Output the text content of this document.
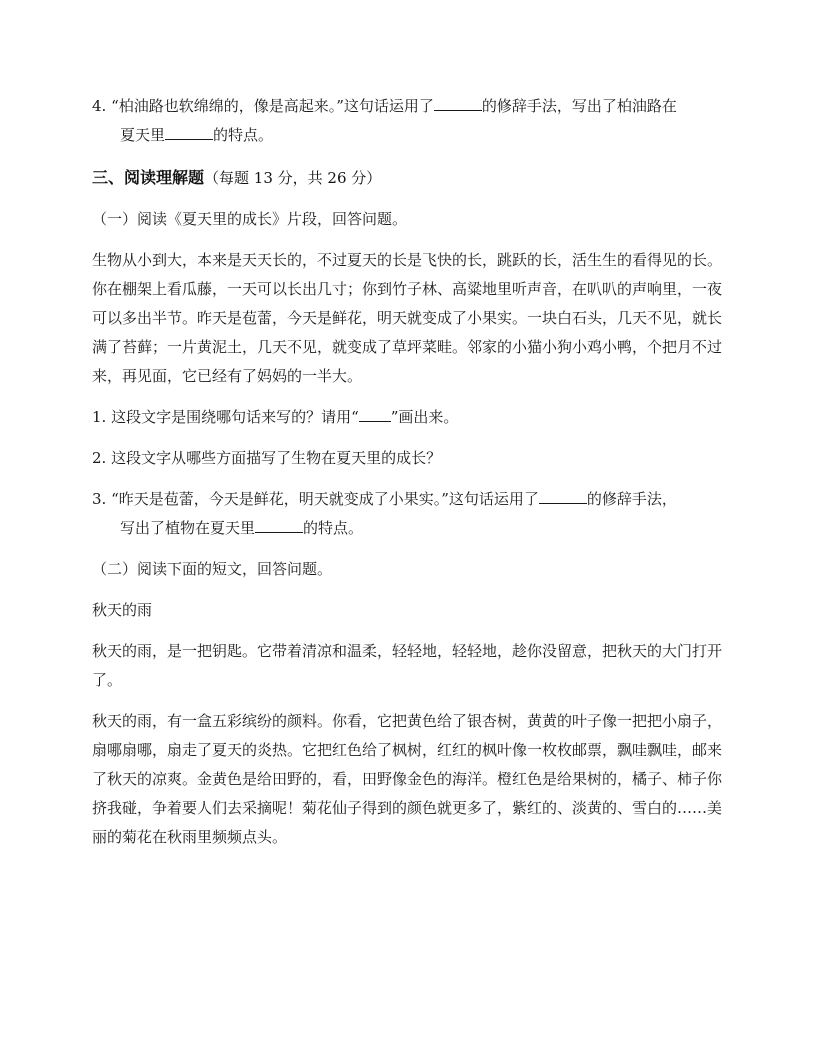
4. “柏油路也软绵绵的，像是高起来。”这句话运用了	的修辞手法，写出了柏油路在
夏天里	的特点。

三、阅读理解题（每题 13 分，共 26 分）

（一）阅读《夏天里的成长》片段，回答问题。

生物从小到大，本来是天天长的，不过夏天的长是飞快的长，跳跃的长，活生生的看得见的长。你在棚架上看瓜藤，一天可以长出几寸；你到竹子林、高粱地里听声音，在叭叭的声响里，一夜可以多出半节。昨天是苞蕾，今天是鲜花，明天就变成了小果实。一块白石头，几天不见，就长满了苔藓；一片黄泥土，几天不见，就变成了草坪菜畦。邻家的小猫小狗小鸡小鸭，个把月不过来，再见面，它已经有了妈妈的一半大。

1. 这段文字是围绕哪句话来写的？请用“ ”画出来。

2. 这段文字从哪些方面描写了生物在夏天里的成长？

3. “昨天是苞蕾，今天是鲜花，明天就变成了小果实。”这句话运用了	的修辞手法，
写出了植物在夏天里	的特点。

（二）阅读下面的短文，回答问题。

秋天的雨

秋天的雨，是一把钥匙。它带着清凉和温柔，轻轻地，轻轻地，趁你没留意，把秋天的大门打开了。

秋天的雨，有一盒五彩缤纷的颜料。你看，它把黄色给了银杏树，黄黄的叶子像一把把小扇子，扇哪扇哪，扇走了夏天的炎热。它把红色给了枫树，红红的枫叶像一枚枚邮票，飘哇飘哇，邮来了秋天的凉爽。金黄色是给田野的，看，田野像金色的海洋。橙红色是给果树的，橘子、柿子你挤我碰，争着要人们去采摘呢！菊花仙子得到的颜色就更多了，紫红的、淡黄的、雪白的……美丽的菊花在秋雨里频频点头。
